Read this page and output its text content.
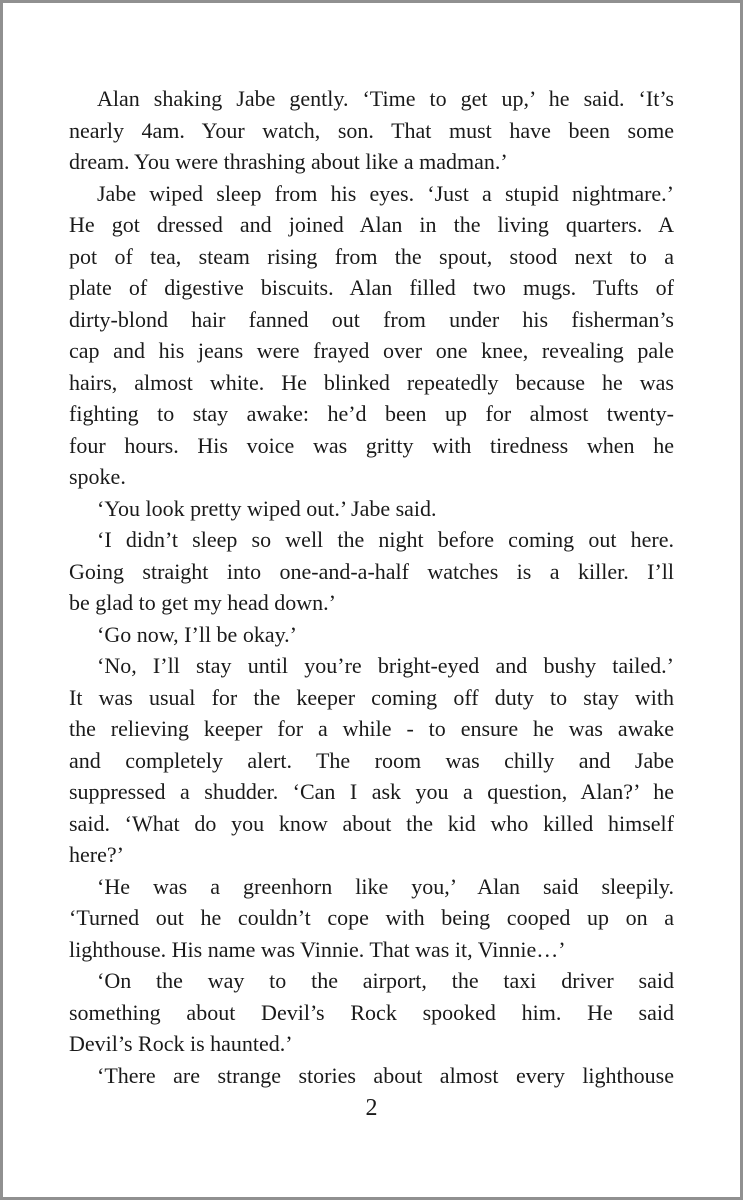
Alan shaking Jabe gently. ‘Time to get up,’ he said. ‘It’s
nearly 4am. Your watch, son. That must have been some
dream. You were thrashing about like a madman.’
Jabe wiped sleep from his eyes. ‘Just a stupid nightmare.’
He got dressed and joined Alan in the living quarters. A
pot of tea, steam rising from the spout, stood next to a
plate of digestive biscuits. Alan filled two mugs. Tufts of
dirty-blond hair fanned out from under his fisherman’s
cap and his jeans were frayed over one knee, revealing pale
hairs, almost white. He blinked repeatedly because he was
fighting to stay awake: he’d been up for almost twenty-
four hours. His voice was gritty with tiredness when he
spoke.
‘You look pretty wiped out.’ Jabe said.
‘I didn’t sleep so well the night before coming out here.
Going straight into one-and-a-half watches is a killer. I’ll
be glad to get my head down.’
‘Go now, I’ll be okay.’
‘No, I’ll stay until you’re bright-eyed and bushy tailed.’
It was usual for the keeper coming off duty to stay with
the relieving keeper for a while - to ensure he was awake
and completely alert. The room was chilly and Jabe
suppressed a shudder. ‘Can I ask you a question, Alan?’ he
said. ‘What do you know about the kid who killed himself
here?’
‘He was a greenhorn like you,’ Alan said sleepily.
‘Turned out he couldn’t cope with being cooped up on a
lighthouse. His name was Vinnie. That was it, Vinnie…’
‘On the way to the airport, the taxi driver said
something about Devil’s Rock spooked him. He said
Devil’s Rock is haunted.’
‘There are strange stories about almost every lighthouse
2
